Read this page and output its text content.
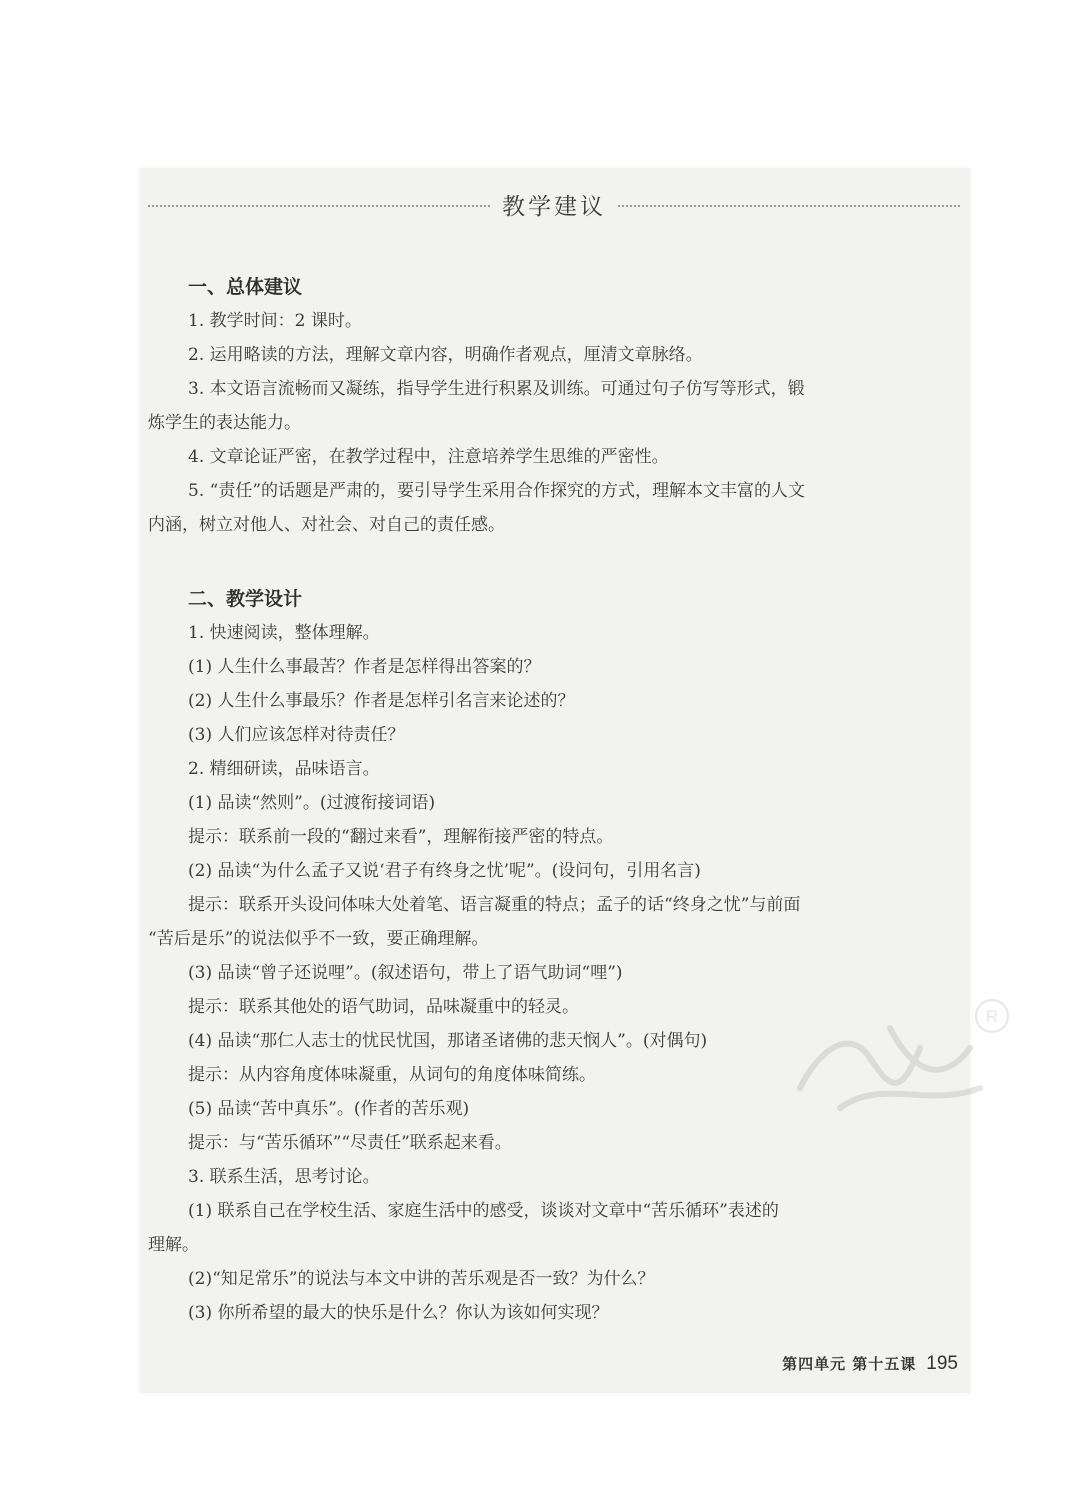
教学建议
一、总体建议

1. 教学时间：2 课时。

2. 运用略读的方法，理解文章内容，明确作者观点，厘清文章脉络。

3. 本文语言流畅而又凝练，指导学生进行积累及训练。可通过句子仿写等形式，锻

炼学生的表达能力。

4. 文章论证严密，在教学过程中，注意培养学生思维的严密性。

5. “责任”的话题是严肃的，要引导学生采用合作探究的方式，理解本文丰富的人文

内涵，树立对他人、对社会、对自己的责任感。

二、教学设计

1. 快速阅读，整体理解。

(1) 人生什么事最苦？作者是怎样得出答案的？

(2) 人生什么事最乐？作者是怎样引名言来论述的？

(3) 人们应该怎样对待责任？

2. 精细研读，品味语言。

(1) 品读“然则”。(过渡衔接词语)

提示：联系前一段的“翻过来看”，理解衔接严密的特点。

(2) 品读“为什么孟子又说‘君子有终身之忧’呢”。(设问句，引用名言)

提示：联系开头设问体味大处着笔、语言凝重的特点；孟子的话“终身之忧”与前面

“苦后是乐”的说法似乎不一致，要正确理解。

(3) 品读“曾子还说哩”。(叙述语句，带上了语气助词“哩”)

提示：联系其他处的语气助词，品味凝重中的轻灵。

(4) 品读“那仁人志士的忧民忧国，那诸圣诸佛的悲天悯人”。(对偶句)

提示：从内容角度体味凝重，从词句的角度体味简练。

(5) 品读“苦中真乐”。(作者的苦乐观)

提示：与“苦乐循环”“尽责任”联系起来看。

3. 联系生活，思考讨论。

(1) 联系自己在学校生活、家庭生活中的感受，谈谈对文章中“苦乐循环”表述的

理解。

(2)“知足常乐”的说法与本文中讲的苦乐观是否一致？为什么？

(3) 你所希望的最大的快乐是什么？你认为该如何实现？

R
第四单元 第十五课 195
